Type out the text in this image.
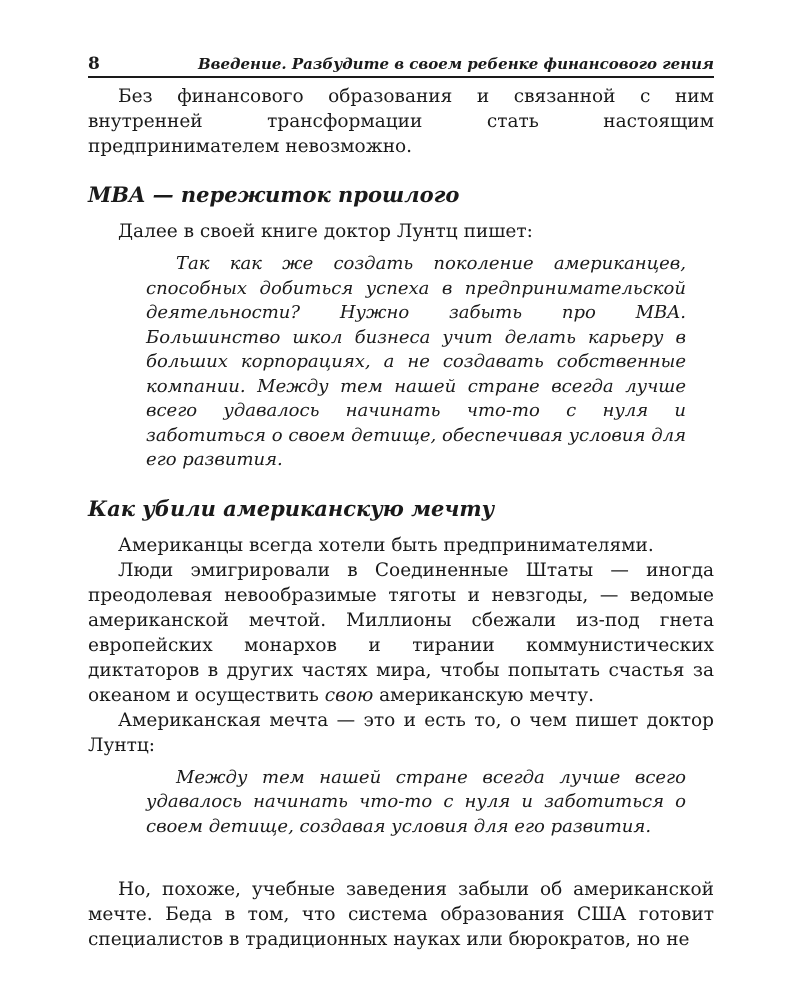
8	Введение. Разбудите в своем ребенке финансового гения

Без финансового образования и связанной с ним внутренней трансформации стать настоящим предпринимателем невозможно.

MBA — пережиток прошлого

Далее в своей книге доктор Лунтц пишет:

Так как же создать поколение американцев, способных добиться успеха в предпринимательской деятельности? Нужно забыть про MBA. Большинство школ бизнеса учит делать карьеру в больших корпорациях, а не создавать собственные компании. Между тем нашей стране всегда лучше всего удавалось начинать что-то с нуля и заботиться о своем детище, обеспечивая условия для его развития.

Как убили американскую мечту

Американцы всегда хотели быть предпринимателями.

Люди эмигрировали в Соединенные Штаты — иногда преодолевая невообразимые тяготы и невзгоды, — ведомые американской мечтой. Миллионы сбежали из-под гнета европейских монархов и тирании коммунистических диктаторов в других частях мира, чтобы попытать счастья за океаном и осуществить свою американскую мечту.

Американская мечта — это и есть то, о чем пишет доктор Лунтц:

Между тем нашей стране всегда лучше всего удавалось начинать что-то с нуля и заботиться о своем детище, создавая условия для его развития.

Но, похоже, учебные заведения забыли об американской мечте. Беда в том, что система образования США готовит специалистов в традиционных науках или бюрократов, но не
